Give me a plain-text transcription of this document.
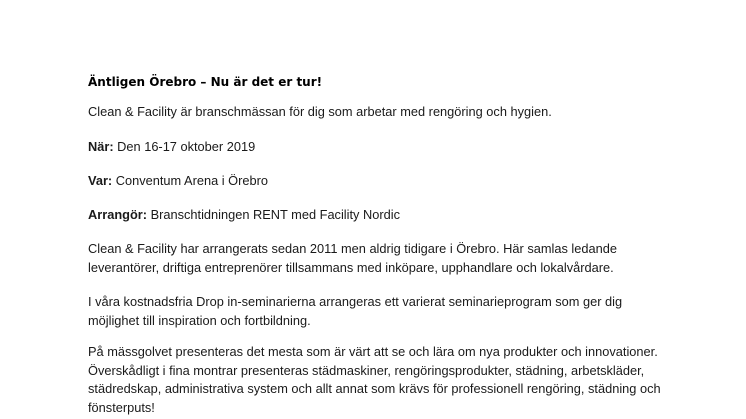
Äntligen Örebro – Nu är det er tur!

Clean & Facility är branschmässan för dig som arbetar med rengöring och hygien.

När: Den 16-17 oktober 2019

Var: Conventum Arena i Örebro

Arrangör: Branschtidningen RENT med Facility Nordic

Clean & Facility har arrangerats sedan 2011 men aldrig tidigare i Örebro. Här samlas ledande
leverantörer, driftiga entreprenörer tillsammans med inköpare, upphandlare och lokalvårdare.

I våra kostnadsfria Drop in-seminarierna arrangeras ett varierat seminarieprogram som ger dig
möjlighet till inspiration och fortbildning.

På mässgolvet presenteras det mesta som är värt att se och lära om nya produkter och innovationer.
Överskådligt i fina montrar presenteras städmaskiner, rengöringsprodukter, städning, arbetskläder,
städredskap, administrativa system och allt annat som krävs för professionell rengöring, städning och
fönsterputs!
